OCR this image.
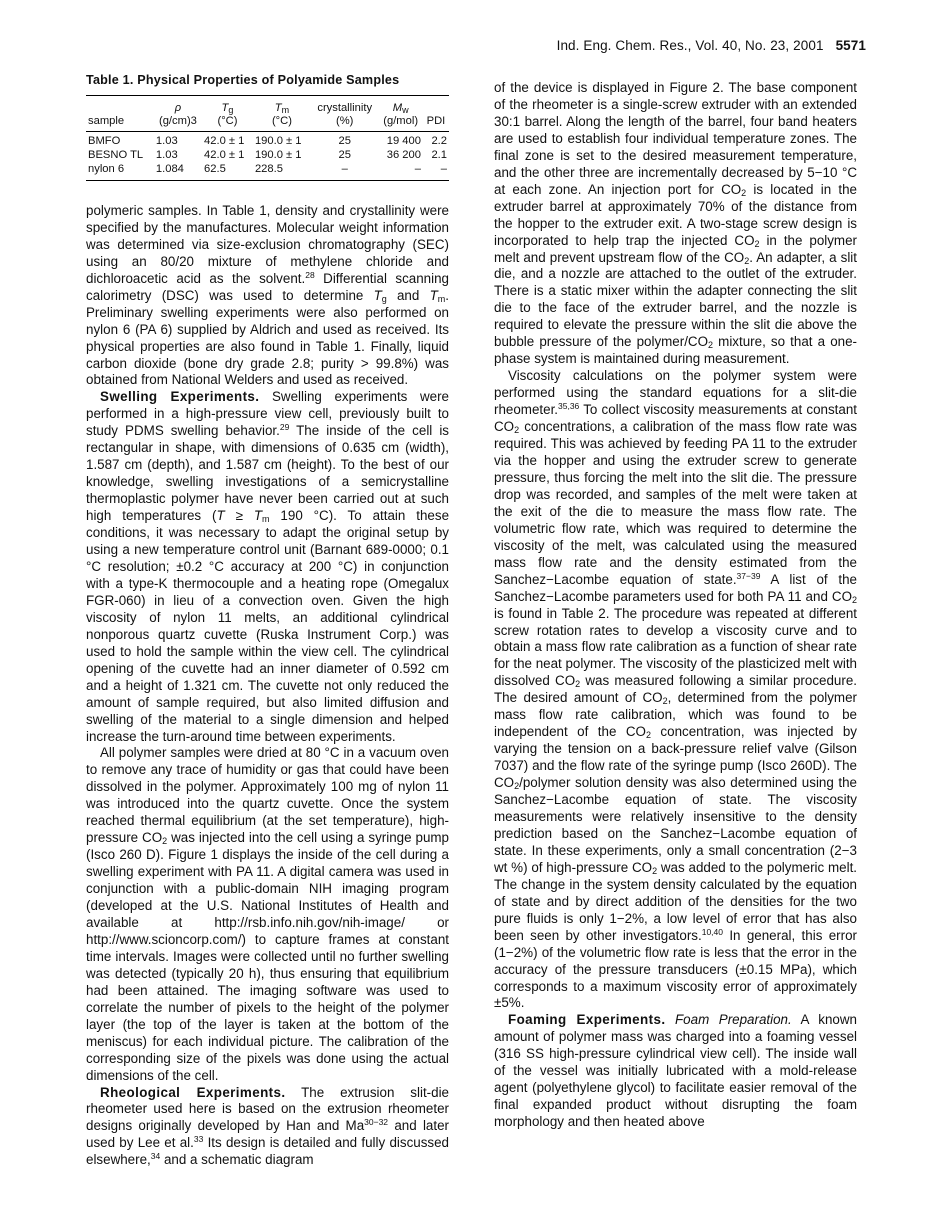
Ind. Eng. Chem. Res., Vol. 40, No. 23, 2001 5571
Table 1. Physical Properties of Polyamide Samples
	ρ	$T_g$	$T_m$	crystallinity	$M_w$	
sample	(g/cm)3	(°C)	(°C)	(%)	(g/mol)	PDI
BMFO	1.03	42.0 ± 1	190.0 ± 1	25	19 400	2.2
BESNO TL	1.03	42.0 ± 1	190.0 ± 1	25	36 200	2.1
nylon 6	1.084	62.5	228.5	–	–	–

polymeric samples. In Table 1, density and crystallinity were specified by the manufactures. Molecular weight information was determined via size-exclusion chromatography (SEC) using an 80/20 mixture of methylene chloride and dichloroacetic acid as the solvent.$^{28}$ Differential scanning calorimetry (DSC) was used to determine $T_g$ and $T_m$. Preliminary swelling experiments were also performed on nylon 6 (PA 6) supplied by Aldrich and used as received. Its physical properties are also found in Table 1. Finally, liquid carbon dioxide (bone dry grade 2.8; purity > 99.8%) was obtained from National Welders and used as received.

Swelling Experiments. Swelling experiments were performed in a high-pressure view cell, previously built to study PDMS swelling behavior.$^{29}$ The inside of the cell is rectangular in shape, with dimensions of 0.635 cm (width), 1.587 cm (depth), and 1.587 cm (height). To the best of our knowledge, swelling investigations of a semicrystalline thermoplastic polymer have never been carried out at such high temperatures ($T \ge T_m$ 190 °C). To attain these conditions, it was necessary to adapt the original setup by using a new temperature control unit (Barnant 689-0000; 0.1 °C resolution; ±0.2 °C accuracy at 200 °C) in conjunction with a type-K thermocouple and a heating rope (Omegalux FGR-060) in lieu of a convection oven. Given the high viscosity of nylon 11 melts, an additional cylindrical nonporous quartz cuvette (Ruska Instrument Corp.) was used to hold the sample within the view cell. The cylindrical opening of the cuvette had an inner diameter of 0.592 cm and a height of 1.321 cm. The cuvette not only reduced the amount of sample required, but also limited diffusion and swelling of the material to a single dimension and helped increase the turn-around time between experiments.

All polymer samples were dried at 80 °C in a vacuum oven to remove any trace of humidity or gas that could have been dissolved in the polymer. Approximately 100 mg of nylon 11 was introduced into the quartz cuvette. Once the system reached thermal equilibrium (at the set temperature), high-pressure $CO_2$ was injected into the cell using a syringe pump (Isco 260 D). Figure 1 displays the inside of the cell during a swelling experiment with PA 11. A digital camera was used in conjunction with a public-domain NIH imaging program (developed at the U.S. National Institutes of Health and available at http://rsb.info.nih.gov/nih-image/ or http://www.scioncorp.com/) to capture frames at constant time intervals. Images were collected until no further swelling was detected (typically 20 h), thus ensuring that equilibrium had been attained. The imaging software was used to correlate the number of pixels to the height of the polymer layer (the top of the layer is taken at the bottom of the meniscus) for each individual picture. The calibration of the corresponding size of the pixels was done using the actual dimensions of the cell.

Rheological Experiments. The extrusion slit-die rheometer used here is based on the extrusion rheometer designs originally developed by Han and $Ma^{30-32}$ and later used by Lee et al.$^{33}$ Its design is detailed and fully discussed elsewhere,$^{34}$ and a schematic diagram

of the device is displayed in Figure 2. The base component of the rheometer is a single-screw extruder with an extended 30:1 barrel. Along the length of the barrel, four band heaters are used to establish four individual temperature zones. The final zone is set to the desired measurement temperature, and the other three are incrementally decreased by 5−10 °C at each zone. An injection port for $CO_2$ is located in the extruder barrel at approximately 70% of the distance from the hopper to the extruder exit. A two-stage screw design is incorporated to help trap the injected $CO_2$ in the polymer melt and prevent upstream flow of the $CO_2$. An adapter, a slit die, and a nozzle are attached to the outlet of the extruder. There is a static mixer within the adapter connecting the slit die to the face of the extruder barrel, and the nozzle is required to elevate the pressure within the slit die above the bubble pressure of the polymer/$CO_2$ mixture, so that a one-phase system is maintained during measurement.

Viscosity calculations on the polymer system were performed using the standard equations for a slit-die rheometer.$^{35,36}$ To collect viscosity measurements at constant $CO_2$ concentrations, a calibration of the mass flow rate was required. This was achieved by feeding PA 11 to the extruder via the hopper and using the extruder screw to generate pressure, thus forcing the melt into the slit die. The pressure drop was recorded, and samples of the melt were taken at the exit of the die to measure the mass flow rate. The volumetric flow rate, which was required to determine the viscosity of the melt, was calculated using the measured mass flow rate and the density estimated from the Sanchez−Lacombe equation of state.$^{37-39}$ A list of the Sanchez−Lacombe parameters used for both PA 11 and $CO_2$ is found in Table 2. The procedure was repeated at different screw rotation rates to develop a viscosity curve and to obtain a mass flow rate calibration as a function of shear rate for the neat polymer. The viscosity of the plasticized melt with dissolved $CO_2$ was measured following a similar procedure. The desired amount of $CO_2$, determined from the polymer mass flow rate calibration, which was found to be independent of the $CO_2$ concentration, was injected by varying the tension on a back-pressure relief valve (Gilson 7037) and the flow rate of the syringe pump (Isco 260D). The $CO_2$/polymer solution density was also determined using the Sanchez−Lacombe equation of state. The viscosity measurements were relatively insensitive to the density prediction based on the Sanchez−Lacombe equation of state. In these experiments, only a small concentration (2−3 wt %) of high-pressure $CO_2$ was added to the polymeric melt. The change in the system density calculated by the equation of state and by direct addition of the densities for the two pure fluids is only 1−2%, a low level of error that has also been seen by other investigators.$^{10,40}$ In general, this error (1−2%) of the volumetric flow rate is less that the error in the accuracy of the pressure transducers (±0.15 MPa), which corresponds to a maximum viscosity error of approximately ±5%.

Foaming Experiments. Foam Preparation. A known amount of polymer mass was charged into a foaming vessel (316 SS high-pressure cylindrical view cell). The inside wall of the vessel was initially lubricated with a mold-release agent (polyethylene glycol) to facilitate easier removal of the final expanded product without disrupting the foam morphology and then heated above
